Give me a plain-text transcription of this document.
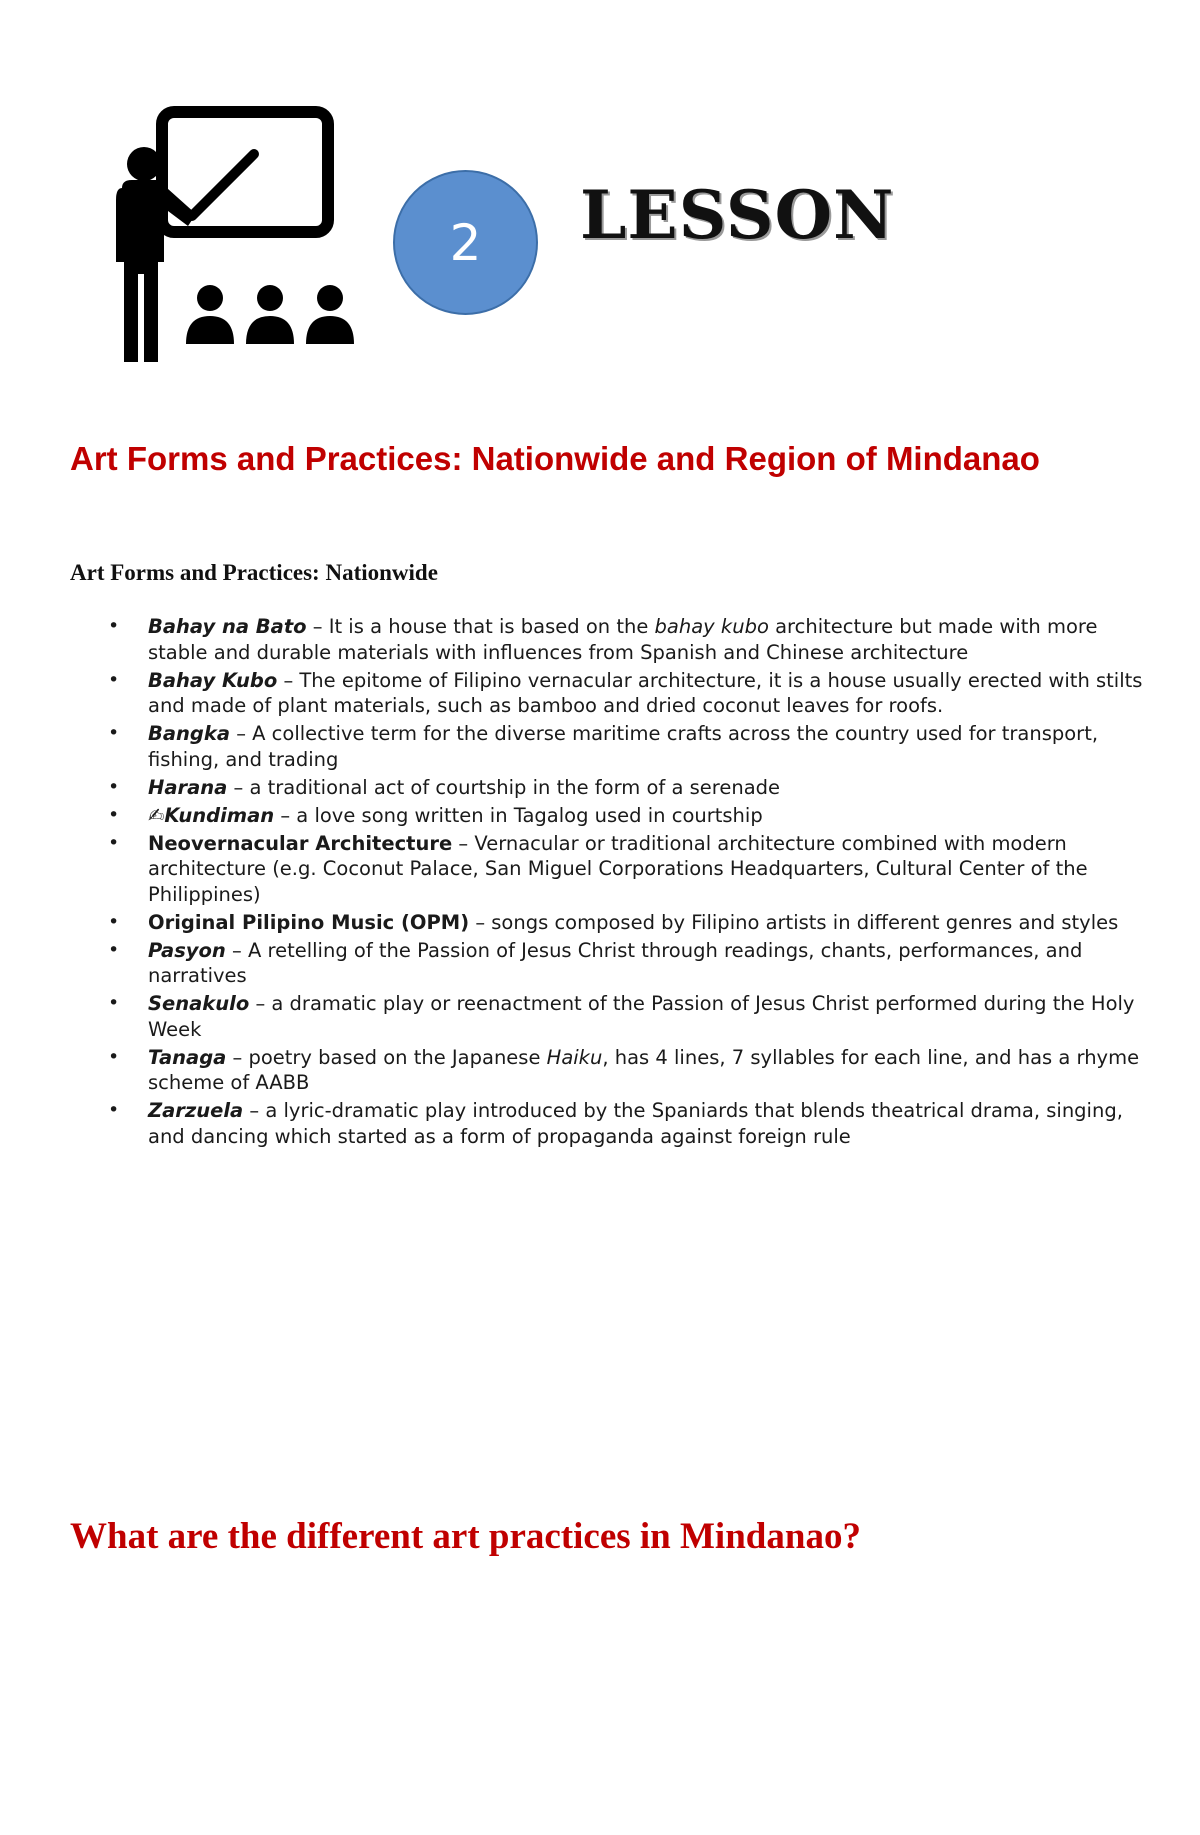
2 LESSON
Art Forms and Practices: Nationwide and Region of Mindanao
Art Forms and Practices: Nationwide
• Bahay na Bato – It is a house that is based on the bahay kubo architecture but made with more stable and durable materials with influences from Spanish and Chinese architecture
• Bahay Kubo – The epitome of Filipino vernacular architecture, it is a house usually erected with stilts and made of plant materials, such as bamboo and dried coconut leaves for roofs.
• Bangka – A collective term for the diverse maritime crafts across the country used for transport, fishing, and trading
• Harana – a traditional act of courtship in the form of a serenade
• ✍Kundiman – a love song written in Tagalog used in courtship
• Neovernacular Architecture – Vernacular or traditional architecture combined with modern architecture (e.g. Coconut Palace, San Miguel Corporations Headquarters, Cultural Center of the Philippines)
• Original Pilipino Music (OPM) – songs composed by Filipino artists in different genres and styles
• Pasyon – A retelling of the Passion of Jesus Christ through readings, chants, performances, and narratives
• Senakulo – a dramatic play or reenactment of the Passion of Jesus Christ performed during the Holy Week
• Tanaga – poetry based on the Japanese Haiku, has 4 lines, 7 syllables for each line, and has a rhyme scheme of AABB
• Zarzuela – a lyric-dramatic play introduced by the Spaniards that blends theatrical drama, singing, and dancing which started as a form of propaganda against foreign rule
What are the different art practices in Mindanao?
